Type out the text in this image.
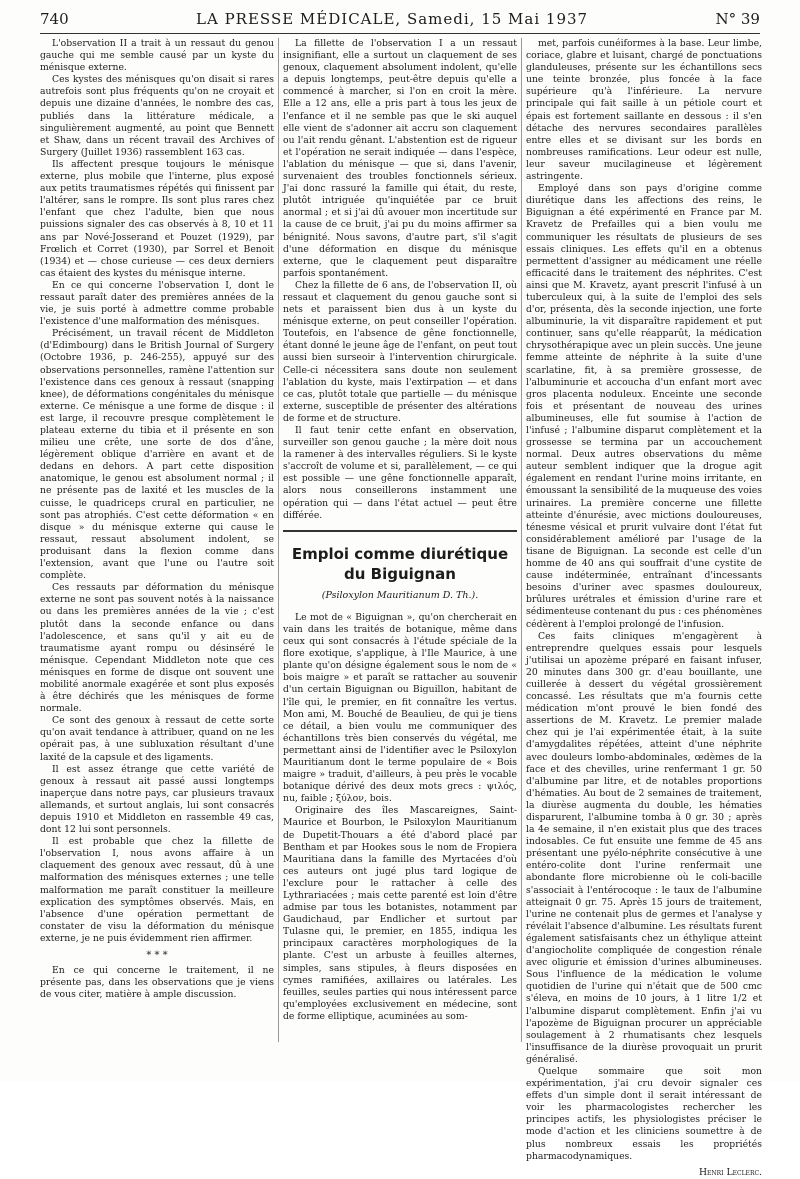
740	LA PRESSE MÉDICALE, Samedi, 15 Mai 1937	N° 39

L'observation II a trait à un ressaut du genou gauche qui me semble causé par un kyste du ménisque externe.

Ces kystes des ménisques qu'on disait si rares autrefois sont plus fréquents qu'on ne croyait et depuis une dizaine d'années, le nombre des cas, publiés dans la littérature médicale, a singulièrement augmenté, au point que Bennett et Shaw, dans un récent travail des Archives of Surgery (Juillet 1936) rassemblent 163 cas.

Ils affectent presque toujours le ménisque externe, plus mobile que l'interne, plus exposé aux petits traumatismes répétés qui finissent par l'altérer, sans le rompre. Ils sont plus rares chez l'enfant que chez l'adulte, bien que nous puissions signaler des cas observés à 8, 10 et 11 ans par Nové-Josserand et Pouzet (1929), par Frœlich et Corret (1930), par Sorrel et Benoit (1934) et — chose curieuse — ces deux derniers cas étaient des kystes du ménisque interne.

En ce qui concerne l'observation I, dont le ressaut paraît dater des premières années de la vie, je suis porté à admettre comme probable l'existence d'une malformation des ménisques.

Précisément, un travail récent de Middleton (d'Edimbourg) dans le British Journal of Surgery (Octobre 1936, p. 246-255), appuyé sur des observations personnelles, ramène l'attention sur l'existence dans ces genoux à ressaut (snapping knee), de déformations congénitales du ménisque externe. Ce ménisque a une forme de disque : il est large, il recouvre presque complètement le plateau externe du tibia et il présente en son milieu une crête, une sorte de dos d'âne, légèrement oblique d'arrière en avant et de dedans en dehors. A part cette disposition anatomique, le genou est absolument normal ; il ne présente pas de laxité et les muscles de la cuisse, le quadriceps crural en particulier, ne sont pas atrophiés. C'est cette déformation « en disque » du ménisque externe qui cause le ressaut, ressaut absolument indolent, se produisant dans la flexion comme dans l'extension, avant que l'une ou l'autre soit complète.

Ces ressauts par déformation du ménisque externe ne sont pas souvent notés à la naissance ou dans les premières années de la vie ; c'est plutôt dans la seconde enfance ou dans l'adolescence, et sans qu'il y ait eu de traumatisme ayant rompu ou désinséré le ménisque. Cependant Middleton note que ces ménisques en forme de disque ont souvent une mobilité anormale exagérée et sont plus exposés à être déchirés que les ménisques de forme normale.

Ce sont des genoux à ressaut de cette sorte qu'on avait tendance à attribuer, quand on ne les opérait pas, à une subluxation résultant d'une laxité de la capsule et des ligaments.

Il est assez étrange que cette variété de genoux à ressaut ait passé aussi longtemps inaperçue dans notre pays, car plusieurs travaux allemands, et surtout anglais, lui sont consacrés depuis 1910 et Middleton en rassemble 49 cas, dont 12 lui sont personnels.

Il est probable que chez la fillette de l'observation I, nous avons affaire à un claquement des genoux avec ressaut, dû à une malformation des ménisques externes ; une telle malformation me paraît constituer la meilleure explication des symptômes observés. Mais, en l'absence d'une opération permettant de constater de visu la déformation du ménisque externe, je ne puis évidemment rien affirmer.

* * *

En ce qui concerne le traitement, il ne présente pas, dans les observations que je viens de vous citer, matière à ample discussion.

La fillette de l'observation I a un ressaut insignifiant, elle a surtout un claquement de ses genoux, claquement absolument indolent, qu'elle a depuis longtemps, peut-être depuis qu'elle a commencé à marcher, si l'on en croit la mère. Elle a 12 ans, elle a pris part à tous les jeux de l'enfance et il ne semble pas que le ski auquel elle vient de s'adonner ait accru son claquement ou l'ait rendu gênant. L'abstention est de rigueur et l'opération ne serait indiquée — dans l'espèce, l'ablation du ménisque — que si, dans l'avenir, survenaient des troubles fonctionnels sérieux. J'ai donc rassuré la famille qui était, du reste, plutôt intriguée qu'inquiétée par ce bruit anormal ; et si j'ai dû avouer mon incertitude sur la cause de ce bruit, j'ai pu du moins affirmer sa bénignité. Nous savons, d'autre part, s'il s'agit d'une déformation en disque du ménisque externe, que le claquement peut disparaître parfois spontanément.

Chez la fillette de 6 ans, de l'observation II, où ressaut et claquement du genou gauche sont si nets et paraissent bien dus à un kyste du ménisque externe, on peut conseiller l'opération. Toutefois, en l'absence de gêne fonctionnelle, étant donné le jeune âge de l'enfant, on peut tout aussi bien surseoir à l'intervention chirurgicale. Celle-ci nécessitera sans doute non seulement l'ablation du kyste, mais l'extirpation — et dans ce cas, plutôt totale que partielle — du ménisque externe, susceptible de présenter des altérations de forme et de structure.

Il faut tenir cette enfant en observation, surveiller son genou gauche ; la mère doit nous la ramener à des intervalles réguliers. Si le kyste s'accroît de volume et si, parallèlement, — ce qui est possible — une gêne fonctionnelle apparaît, alors nous conseillerons instamment une opération qui — dans l'état actuel — peut être différée.

Emploi comme diurétique du Biguignan
(Psiloxylon Mauritianum D. Th.).

Le mot de « Biguignan », qu'on chercherait en vain dans les traités de botanique, même dans ceux qui sont consacrés à l'étude spéciale de la flore exotique, s'applique, à l'Ile Maurice, à une plante qu'on désigne également sous le nom de « bois maigre » et paraît se rattacher au souvenir d'un certain Biguignan ou Biguillon, habitant de l'île qui, le premier, en fit connaître les vertus. Mon ami, M. Bouché de Beaulieu, de qui je tiens ce détail, a bien voulu me communiquer des échantillons très bien conservés du végétal, me permettant ainsi de l'identifier avec le Psiloxylon Mauritianum dont le terme populaire de « Bois maigre » traduit, d'ailleurs, à peu près le vocable botanique dérivé des deux mots grecs : ψιλός, nu, faible ; ξύλον, bois.

Originaire des îles Mascareignes, Saint-Maurice et Bourbon, le Psiloxylon Mauritianum de Dupetit-Thouars a été d'abord placé par Bentham et par Hookes sous le nom de Fropiera Mauritiana dans la famille des Myrtacées d'où ces auteurs ont jugé plus tard logique de l'exclure pour le rattacher à celle des Lythrariacées ; mais cette parenté est loin d'être admise par tous les botanistes, notamment par Gaudichaud, par Endlicher et surtout par Tulasne qui, le premier, en 1855, indiqua les principaux caractères morphologiques de la plante. C'est un arbuste à feuilles alternes, simples, sans stipules, à fleurs disposées en cymes ramifiées, axillaires ou latérales. Les feuilles, seules parties qui nous intéressent parce qu'employées exclusivement en médecine, sont de forme elliptique, acuminées au som-

met, parfois cunéiformes à la base. Leur limbe, coriace, glabre et luisant, chargé de ponctuations glanduleuses, présente sur les échantillons secs une teinte bronzée, plus foncée à la face supérieure qu'à l'inférieure. La nervure principale qui fait saille à un pétiole court et épais est fortement saillante en dessous : il s'en détache des nervures secondaires parallèles entre elles et se divisant sur les bords en nombreuses ramifications. Leur odeur est nulle, leur saveur mucilagineuse et légèrement astringente.

Employé dans son pays d'origine comme diurétique dans les affections des reins, le Biguignan a été expérimenté en France par M. Kravetz de Prefailles qui a bien voulu me communiquer les résultats de plusieurs de ses essais cliniques. Les effets qu'il en a obtenus permettent d'assigner au médicament une réelle efficacité dans le traitement des néphrites. C'est ainsi que M. Kravetz, ayant prescrit l'infusé à un tuberculeux qui, à la suite de l'emploi des sels d'or, présenta, dès la seconde injection, une forte albuminurie, la vit disparaître rapidement et put continuer, sans qu'elle réapparût, la médication chrysothérapique avec un plein succès. Une jeune femme atteinte de néphrite à la suite d'une scarlatine, fit, à sa première grossesse, de l'albuminurie et accoucha d'un enfant mort avec gros placenta noduleux. Enceinte une seconde fois et présentant de nouveau des urines albumineuses, elle fut soumise à l'action de l'infusé ; l'albumine disparut complètement et la grossesse se termina par un accouchement normal. Deux autres observations du même auteur semblent indiquer que la drogue agit également en rendant l'urine moins irritante, en émoussant la sensibilité de la muqueuse des voies urinaires. La première concerne une fillette atteinte d'énurésie, avec mictions douloureuses, ténesme vésical et prurit vulvaire dont l'état fut considérablement amélioré par l'usage de la tisane de Biguignan. La seconde est celle d'un homme de 40 ans qui souffrait d'une cystite de cause indéterminée, entraînant d'incessants besoins d'uriner avec spasmes douloureux, brûlures urétrales et émission d'urine rare et sédimenteuse contenant du pus : ces phénomènes cédèrent à l'emploi prolongé de l'infusion.

Ces faits cliniques m'engagèrent à entreprendre quelques essais pour lesquels j'utilisai un apozème préparé en faisant infuser, 20 minutes dans 300 gr. d'eau bouillante, une cuillerée à dessert du végétal grossièrement concassé. Les résultats que m'a fournis cette médication m'ont prouvé le bien fondé des assertions de M. Kravetz. Le premier malade chez qui je l'ai expérimentée était, à la suite d'amygdalites répétées, atteint d'une néphrite avec douleurs lombo-abdominales, œdèmes de la face et des chevilles, urine renfermant 1 gr. 50 d'albumine par litre, et de notables proportions d'hématies. Au bout de 2 semaines de traitement, la diurèse augmenta du double, les hématies disparurent, l'albumine tomba à 0 gr. 30 ; après la 4e semaine, il n'en existait plus que des traces indosables. Ce fut ensuite une femme de 45 ans présentant une pyélo-néphrite consécutive à une entéro-colite dont l'urine renfermait une abondante flore microbienne où le coli-bacille s'associait à l'entérocoque : le taux de l'albumine atteignait 0 gr. 75. Après 15 jours de traitement, l'urine ne contenait plus de germes et l'analyse y révélait l'absence d'albumine. Les résultats furent également satisfaisants chez un éthylique atteint d'angiocholite compliquée de congestion rénale avec oligurie et émission d'urines albumineuses. Sous l'influence de la médication le volume quotidien de l'urine qui n'était que de 500 cmc s'éleva, en moins de 10 jours, à 1 litre 1/2 et l'albumine disparut complètement. Enfin j'ai vu l'apozème de Biguignan procurer un appréciable soulagement à 2 rhumatisants chez lesquels l'insuffisance de la diurèse provoquait un prurit généralisé.

Quelque sommaire que soit mon expérimentation, j'ai cru devoir signaler ces effets d'un simple dont il serait intéressant de voir les pharmacologistes rechercher les principes actifs, les physiologistes préciser le mode d'action et les cliniciens soumettre à de plus nombreux essais les propriétés pharmacodynamiques.

Henri Leclerc.
